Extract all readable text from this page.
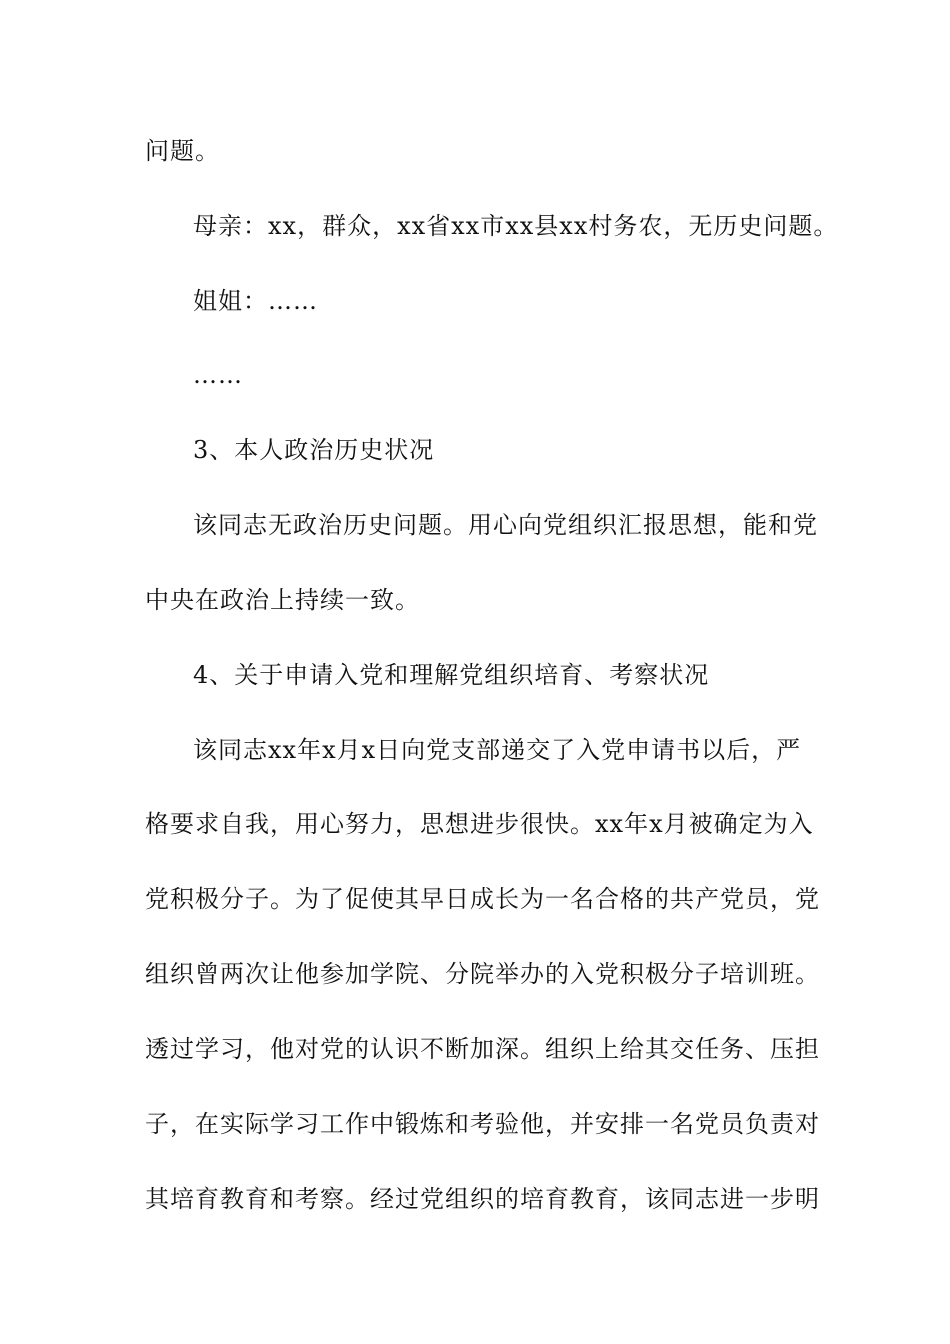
问题。
母亲：xx，群众，xx省xx市xx县xx村务农，无历史问题。
姐姐：……
……
3、本人政治历史状况
该同志无政治历史问题。用心向党组织汇报思想，能和党
中央在政治上持续一致。
4、关于申请入党和理解党组织培育、考察状况
该同志xx年x月x日向党支部递交了入党申请书以后，严
格要求自我，用心努力，思想进步很快。xx年x月被确定为入
党积极分子。为了促使其早日成长为一名合格的共产党员，党
组织曾两次让他参加学院、分院举办的入党积极分子培训班。
透过学习，他对党的认识不断加深。组织上给其交任务、压担
子，在实际学习工作中锻炼和考验他，并安排一名党员负责对
其培育教育和考察。经过党组织的培育教育，该同志进一步明
